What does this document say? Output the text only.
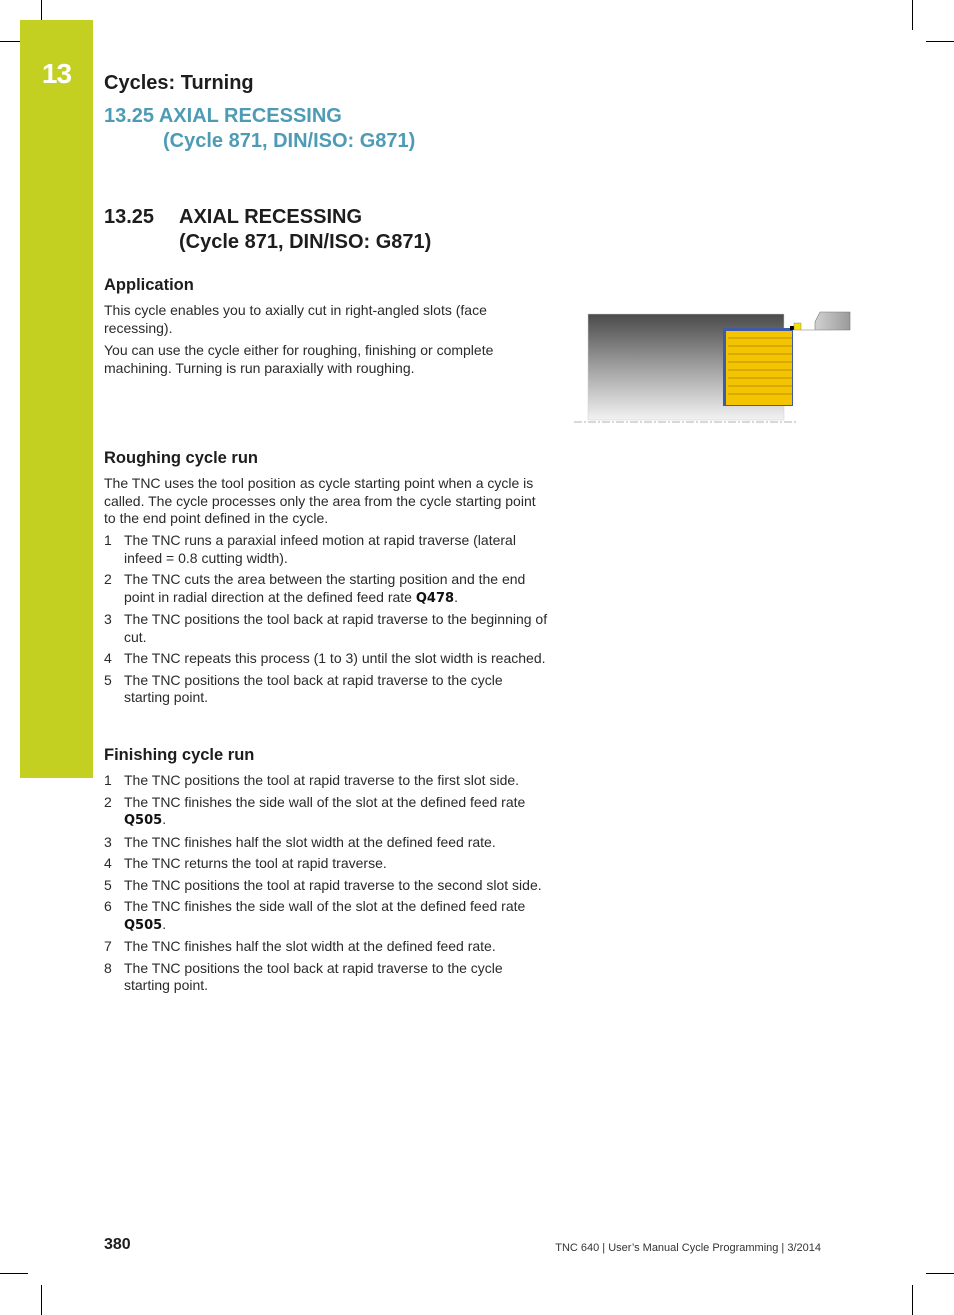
13	Cycles: Turning
13.25 AXIAL RECESSING
(Cycle 871, DIN/ISO: G871)
13.25 AXIAL RECESSING
(Cycle 871, DIN/ISO: G871)
Application

This cycle enables you to axially cut in right-angled slots (face recessing).

You can use the cycle either for roughing, finishing or complete machining. Turning is run paraxially with roughing.

Roughing cycle run

The TNC uses the tool position as cycle starting point when a cycle is called. The cycle processes only the area from the cycle starting point to the end point defined in the cycle.

1 The TNC runs a paraxial infeed motion at rapid traverse (lateral infeed = 0.8 cutting width).
2 The TNC cuts the area between the starting position and the end point in radial direction at the defined feed rate Q478.
3 The TNC positions the tool back at rapid traverse to the beginning of cut.
4 The TNC repeats this process (1 to 3) until the slot width is reached.
5 The TNC positions the tool back at rapid traverse to the cycle starting point.
Finishing cycle run
1 The TNC positions the tool at rapid traverse to the first slot side.
2 The TNC finishes the side wall of the slot at the defined feed rate Q505.
3 The TNC finishes half the slot width at the defined feed rate.
4 The TNC returns the tool at rapid traverse.
5 The TNC positions the tool at rapid traverse to the second slot side.
6 The TNC finishes the side wall of the slot at the defined feed rate Q505.
7 The TNC finishes half the slot width at the defined feed rate.
8 The TNC positions the tool back at rapid traverse to the cycle starting point.
380	TNC 640 | User’s Manual Cycle Programming | 3/2014
